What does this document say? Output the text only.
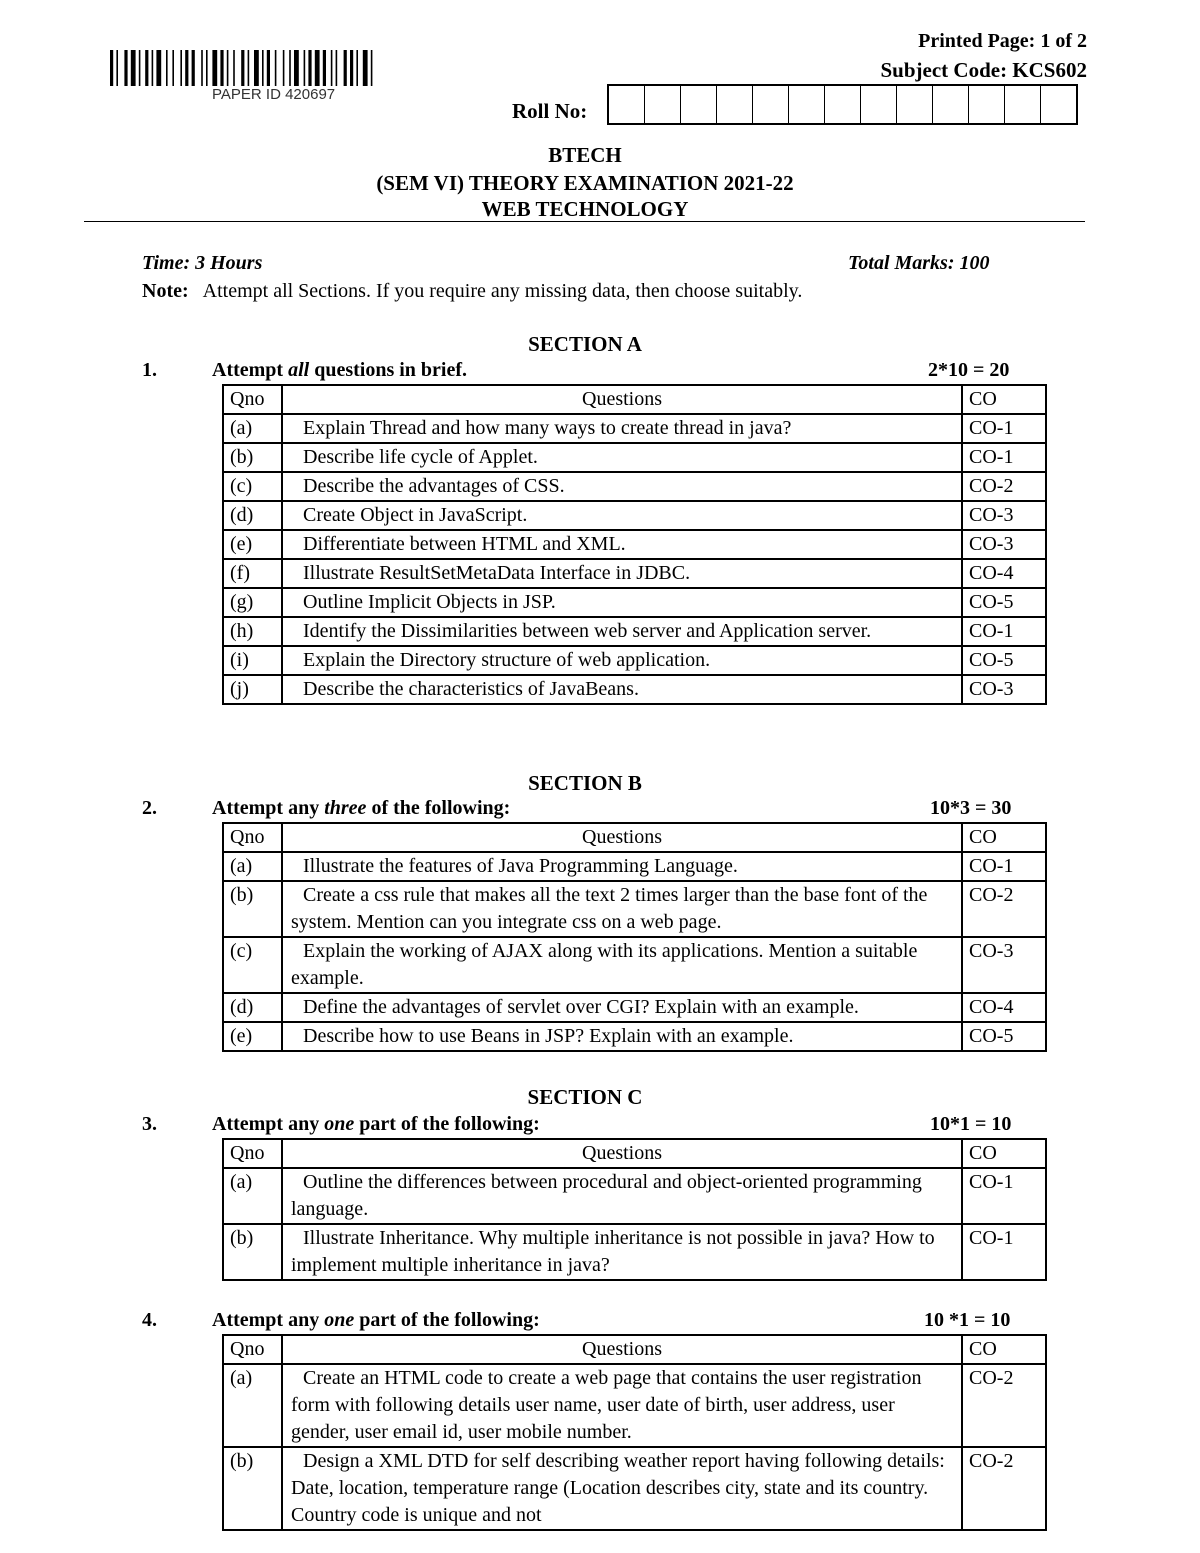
PAPER ID 420697
Printed Page: 1 of 2
Subject Code: KCS602
Roll No:
BTECH
(SEM VI) THEORY EXAMINATION 2021-22
WEB TECHNOLOGY
Time: 3 Hours	Total Marks: 100
Note: Attempt all Sections. If you require any missing data, then choose suitably.
SECTION A
1.	Attempt all questions in brief.	2*10 = 20
Qno	Questions	CO
(a)	Explain Thread and how many ways to create thread in java?	CO-1
(b)	Describe life cycle of Applet.	CO-1
(c)	Describe the advantages of CSS.	CO-2
(d)	Create Object in JavaScript.	CO-3
(e)	Differentiate between HTML and XML.	CO-3
(f)	Illustrate ResultSetMetaData Interface in JDBC.	CO-4
(g)	Outline Implicit Objects in JSP.	CO-5
(h)	Identify the Dissimilarities between web server and Application server.	CO-1
(i)	Explain the Directory structure of web application.	CO-5
(j)	Describe the characteristics of JavaBeans.	CO-3
SECTION B
2.	Attempt any three of the following:	10*3 = 30
Qno	Questions	CO
(a)	Illustrate the features of Java Programming Language.	CO-1
(b)	Create a css rule that makes all the text 2 times larger than the base font of the system. Mention can you integrate css on a web page.	CO-2
(c)	Explain the working of AJAX along with its applications. Mention a suitable example.	CO-3
(d)	Define the advantages of servlet over CGI? Explain with an example.	CO-4
(e)	Describe how to use Beans in JSP? Explain with an example.	CO-5
SECTION C
3.	Attempt any one part of the following:	10*1 = 10
Qno	Questions	CO
(a)	Outline the differences between procedural and object-oriented programming language.	CO-1
(b)	Illustrate Inheritance. Why multiple inheritance is not possible in java? How to implement multiple inheritance in java?	CO-1
4.	Attempt any one part of the following:	10 *1 = 10
Qno	Questions	CO
(a)	Create an HTML code to create a web page that contains the user registration form with following details user name, user date of birth, user address, user gender, user email id, user mobile number.	CO-2
(b)	Design a XML DTD for self describing weather report having following details: Date, location, temperature range (Location describes city, state and its country. Country code is unique and not	CO-2
